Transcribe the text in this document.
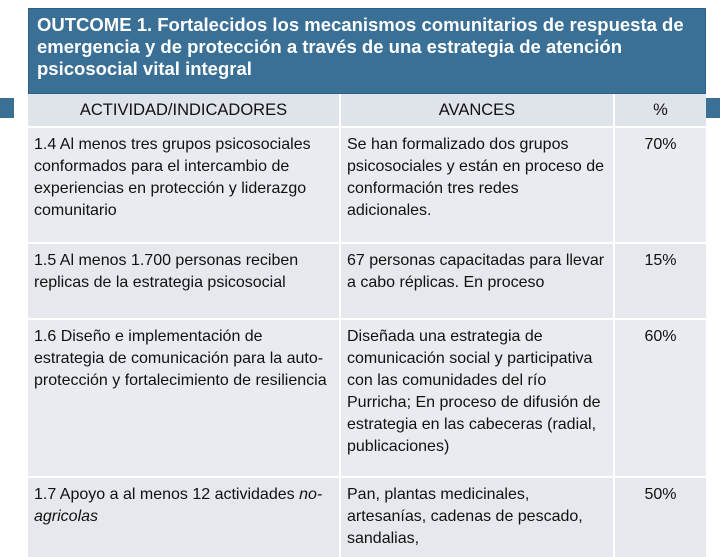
OUTCOME 1. Fortalecidos los mecanismos comunitarios de respuesta de emergencia y de protección a través de una estrategia de atención psicosocial vital integral
ACTIVIDAD/INDICADORES	AVANCES	%
1.4 Al menos tres grupos psicosociales conformados para el intercambio de experiencias en protección y liderazgo comunitario	Se han formalizado dos grupos psicosociales y están en proceso de conformación tres redes adicionales.	70%
1.5 Al menos 1.700 personas reciben replicas de la estrategia psicosocial	67 personas capacitadas para llevar a cabo réplicas. En proceso	15%
1.6 Diseño e implementación de estrategia de comunicación para la auto-protección y fortalecimiento de resiliencia	Diseñada una estrategia de comunicación social y participativa con las comunidades del río Purricha; En proceso de difusión de estrategia en las cabeceras (radial, publicaciones)	60%
1.7 Apoyo a al menos 12 actividades no-agricolas	Pan, plantas medicinales, artesanías, cadenas de pescado, sandalias,	50%
